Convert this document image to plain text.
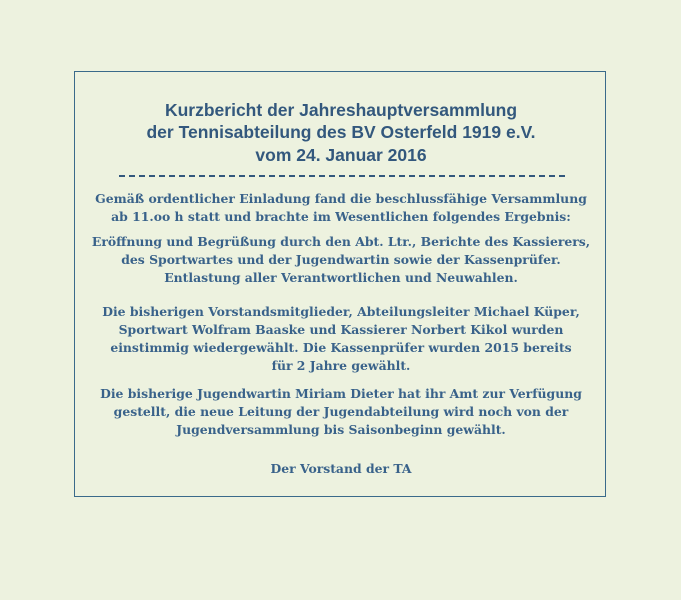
Kurzbericht der Jahreshauptversammlung
der Tennisabteilung des BV Osterfeld 1919 e.V.
vom 24. Januar 2016
Gemäß ordentlicher Einladung fand die beschlussfähige Versammlung
ab 11.oo h statt und brachte im Wesentlichen folgendes Ergebnis:
Eröffnung und Begrüßung durch den Abt. Ltr., Berichte des Kassierers,
des Sportwartes und der Jugendwartin sowie der Kassenprüfer.
Entlastung aller Verantwortlichen und Neuwahlen.
Die bisherigen Vorstandsmitglieder, Abteilungsleiter Michael Küper,
Sportwart Wolfram Baaske und Kassierer Norbert Kikol wurden
einstimmig wiedergewählt. Die Kassenprüfer wurden 2015 bereits
für 2 Jahre gewählt.
Die bisherige Jugendwartin Miriam Dieter hat ihr Amt zur Verfügung
gestellt, die neue Leitung der Jugendabteilung wird noch von der
Jugendversammlung bis Saisonbeginn gewählt.
Der Vorstand der TA
